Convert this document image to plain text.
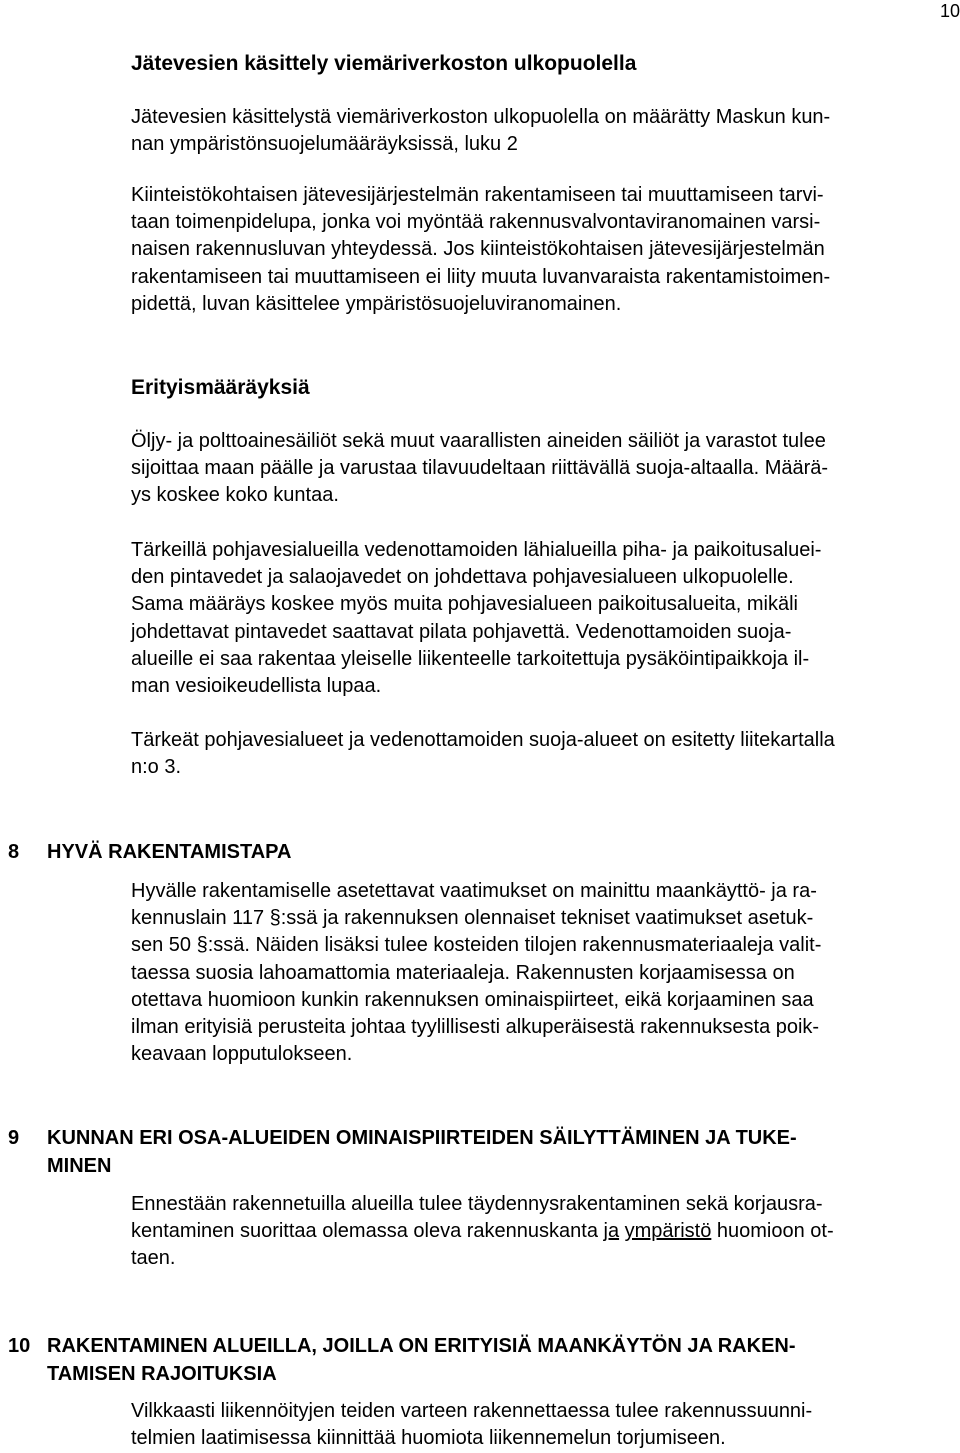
10
Jätevesien käsittely viemäriverkoston ulkopuolella
Jätevesien käsittelystä viemäriverkoston ulkopuolella on määrätty Maskun kun-
nan ympäristönsuojelumääräyksissä, luku 2
Kiinteistökohtaisen jätevesijärjestelmän rakentamiseen tai muuttamiseen tarvi-
taan toimenpidelupa, jonka voi myöntää rakennusvalvontaviranomainen varsi-
naisen rakennusluvan yhteydessä. Jos kiinteistökohtaisen jätevesijärjestelmän
rakentamiseen tai muuttamiseen ei liity muuta luvanvaraista rakentamistoimen-
pidettä, luvan käsittelee ympäristösuojeluviranomainen.
Erityismääräyksiä
Öljy- ja polttoainesäiliöt sekä muut vaarallisten aineiden säiliöt ja varastot tulee
sijoittaa maan päälle ja varustaa tilavuudeltaan riittävällä suoja-altaalla. Määrä-
ys koskee koko kuntaa.
Tärkeillä pohjavesialueilla vedenottamoiden lähialueilla piha- ja paikoitusaluei-
den pintavedet ja salaojavedet on johdettava pohjavesialueen ulkopuolelle.
Sama määräys koskee myös muita pohjavesialueen paikoitusalueita, mikäli
johdettavat pintavedet saattavat pilata pohjavettä. Vedenottamoiden suoja-
alueille ei saa rakentaa yleiselle liikenteelle tarkoitettuja pysäköintipaikkoja il-
man vesioikeudellista lupaa.
Tärkeät pohjavesialueet ja vedenottamoiden suoja-alueet on esitetty liitekartalla
n:o 3.
8 HYVÄ RAKENTAMISTAPA
Hyvälle rakentamiselle asetettavat vaatimukset on mainittu maankäyttö- ja ra-
kennuslain 117 §:ssä ja rakennuksen olennaiset tekniset vaatimukset asetuk-
sen 50 §:ssä. Näiden lisäksi tulee kosteiden tilojen rakennusmateriaaleja valit-
taessa suosia lahoamattomia materiaaleja. Rakennusten korjaamisessa on
otettava huomioon kunkin rakennuksen ominaispiirteet, eikä korjaaminen saa
ilman erityisiä perusteita johtaa tyylillisesti alkuperäisestä rakennuksesta poik-
keavaan lopputulokseen.
9 KUNNAN ERI OSA-ALUEIDEN OMINAISPIIRTEIDEN SÄILYTTÄMINEN JA TUKE-
MINEN
Ennestään rakennetuilla alueilla tulee täydennysrakentaminen sekä korjausra-
kentaminen suorittaa olemassa oleva rakennuskanta ja ympäristö huomioon ot-
taen.
10 RAKENTAMINEN ALUEILLA, JOILLA ON ERITYISIÄ MAANKÄYTÖN JA RAKEN-
TAMISEN RAJOITUKSIA
Vilkkaasti liikennöityjen teiden varteen rakennettaessa tulee rakennussuunni-
telmien laatimisessa kiinnittää huomiota liikennemelun torjumiseen.
